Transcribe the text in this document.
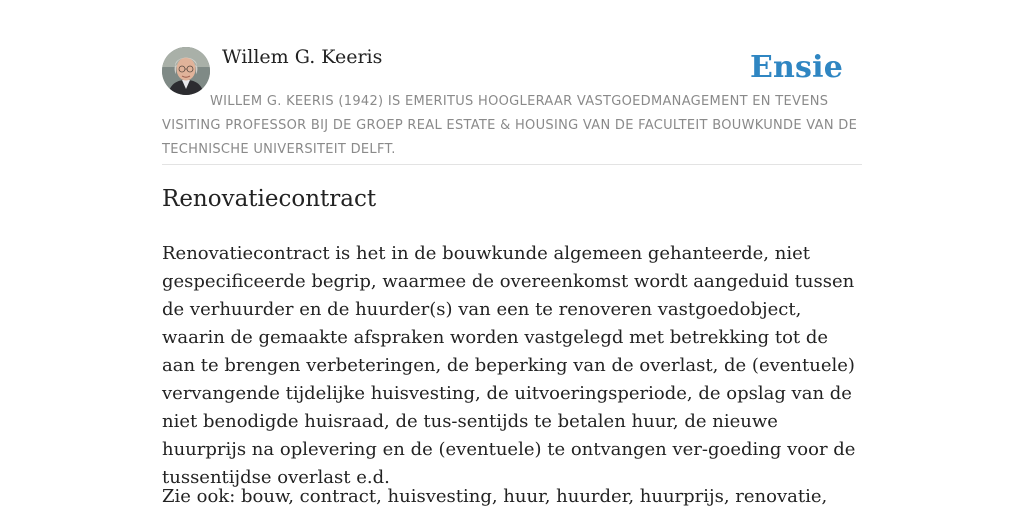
Willem G. Keeris	Ensie
WILLEM G. KEERIS (1942) IS EMERITUS HOOGLERAAR VASTGOEDMANAGEMENT EN TEVENS VISITING PROFESSOR BIJ DE GROEP REAL ESTATE & HOUSING VAN DE FACULTEIT BOUWKUNDE VAN DE TECHNISCHE UNIVERSITEIT DELFT.
Renovatiecontract

Renovatiecontract is het in de bouwkunde algemeen gehanteerde, niet gespecificeerde begrip, waarmee de overeenkomst wordt aangeduid tussen de verhuurder en de huurder(s) van een te renoveren vastgoedobject, waarin de gemaakte afspraken worden vastgelegd met betrekking tot de aan te brengen verbeteringen, de beperking van de overlast, de (eventuele) vervangende tijdelijke huisvesting, de uitvoeringsperiode, de opslag van de niet benodigde huisraad, de tus-sentijds te betalen huur, de nieuwe huurprijs na oplevering en de (eventuele) te ontvangen ver-goeding voor de tussentijdse overlast e.d.

Zie ook: bouw, contract, huisvesting, huur, huurder, huurprijs, renovatie,
